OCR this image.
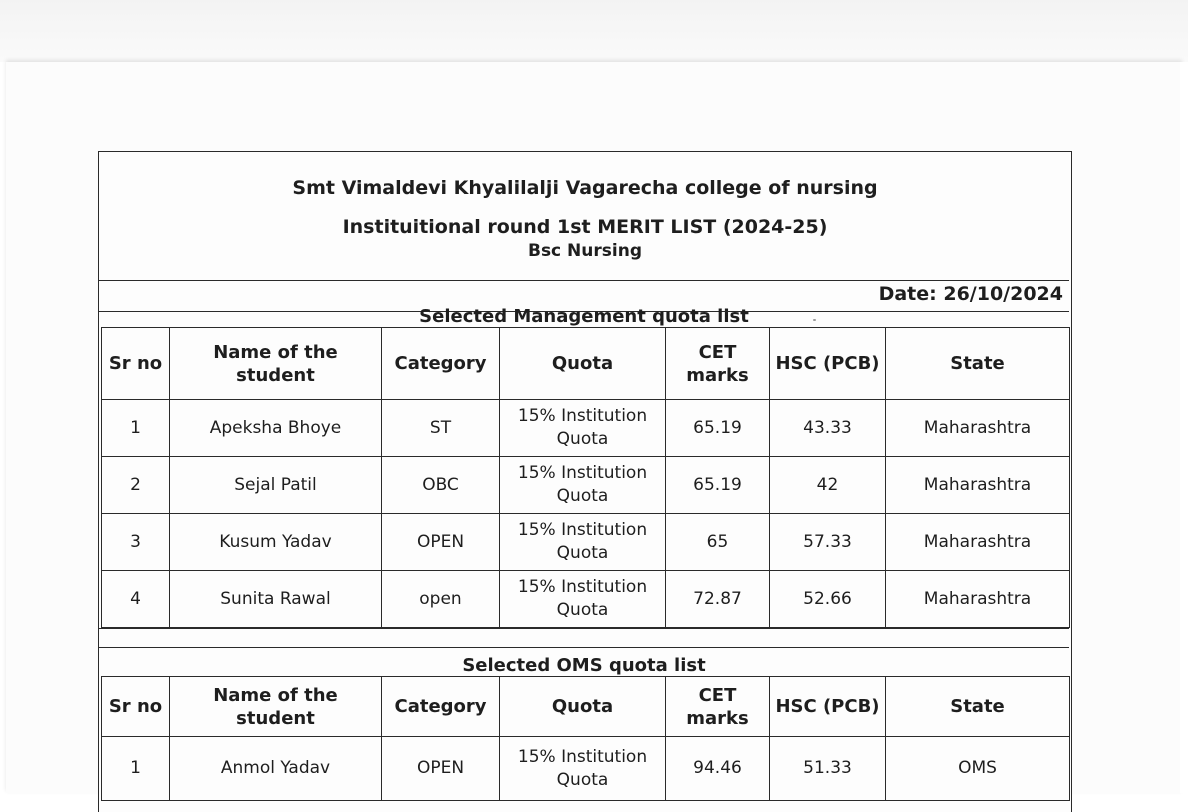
Smt Vimaldevi Khyalilalji Vagarecha college of nursing
Instituitional round 1st MERIT LIST (2024-25)
Bsc Nursing
Date: 26/10/2024
Selected Management quota list
Sr no	Name of the student	Category	Quota	CET marks	HSC (PCB)	State
1	Apeksha Bhoye	ST	15% Institution Quota	65.19	43.33	Maharashtra
2	Sejal Patil	OBC	15% Institution Quota	65.19	42	Maharashtra
3	Kusum Yadav	OPEN	15% Institution Quota	65	57.33	Maharashtra
4	Sunita Rawal	open	15% Institution Quota	72.87	52.66	Maharashtra
Selected OMS quota list
Sr no	Name of the student	Category	Quota	CET marks	HSC (PCB)	State
1	Anmol Yadav	OPEN	15% Institution Quota	94.46	51.33	OMS
